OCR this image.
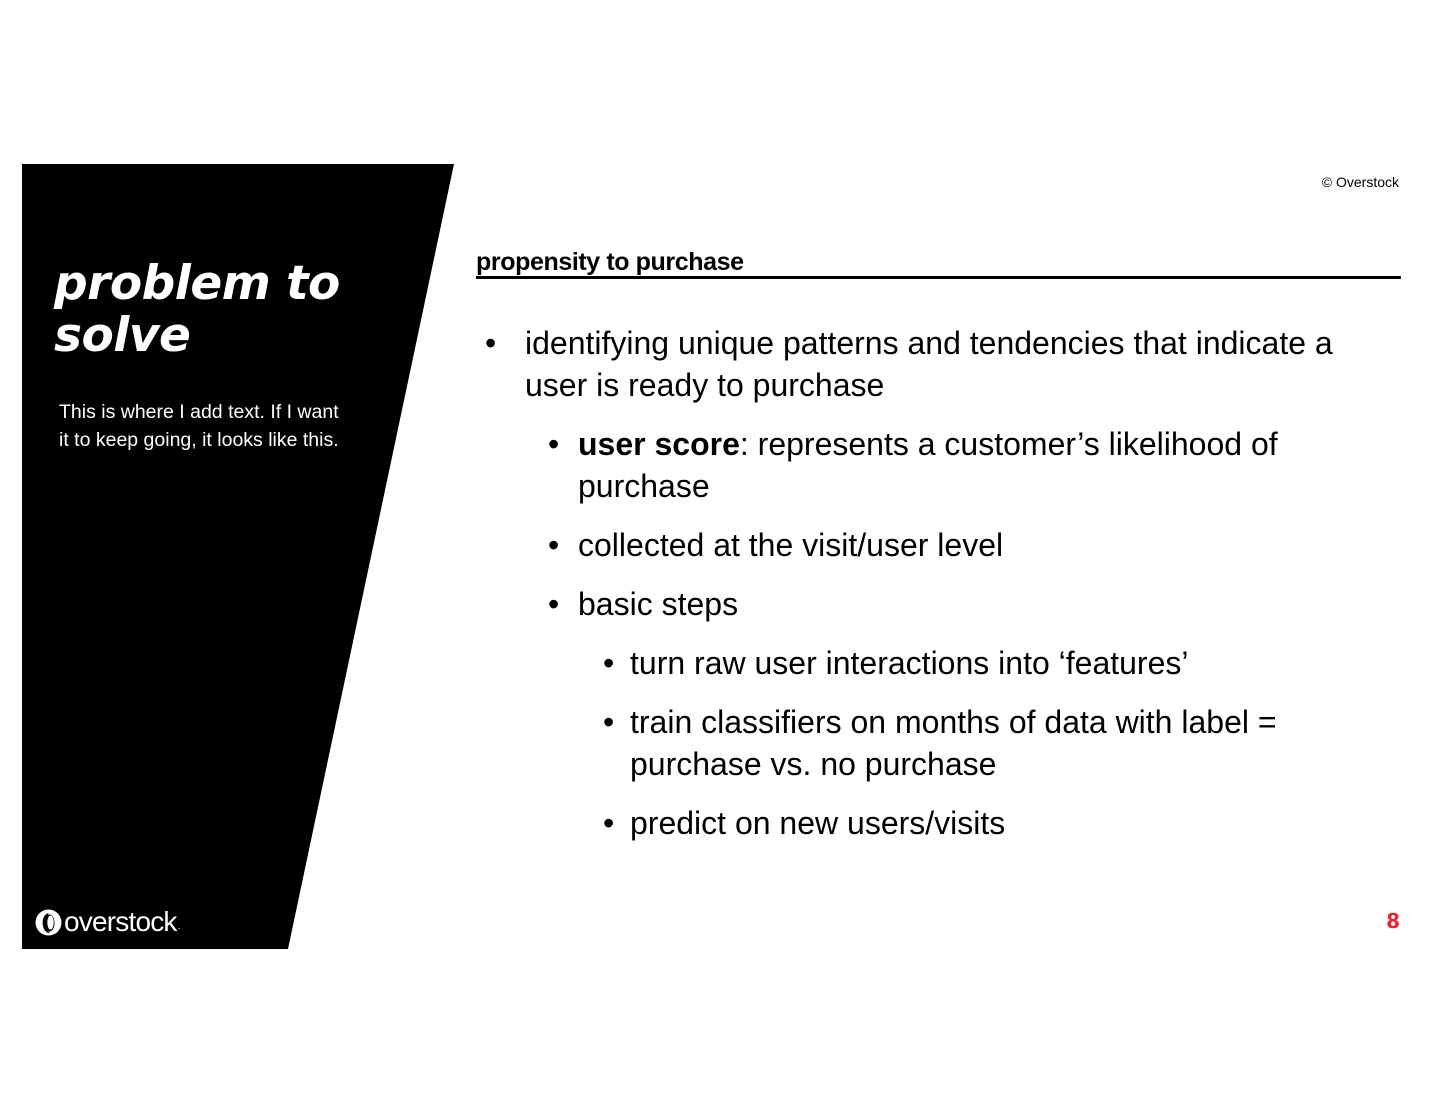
problem to solve

This is where I add text. If I want it to keep going, it looks like this.

overstock .
© Overstock
propensity to purchase
• identifying unique patterns and tendencies that indicate a user is ready to purchase
• user score: represents a customer’s likelihood of purchase
• collected at the visit/user level
• basic steps
• turn raw user interactions into ‘features’
• train classifiers on months of data with label = purchase vs. no purchase
• predict on new users/visits
8
